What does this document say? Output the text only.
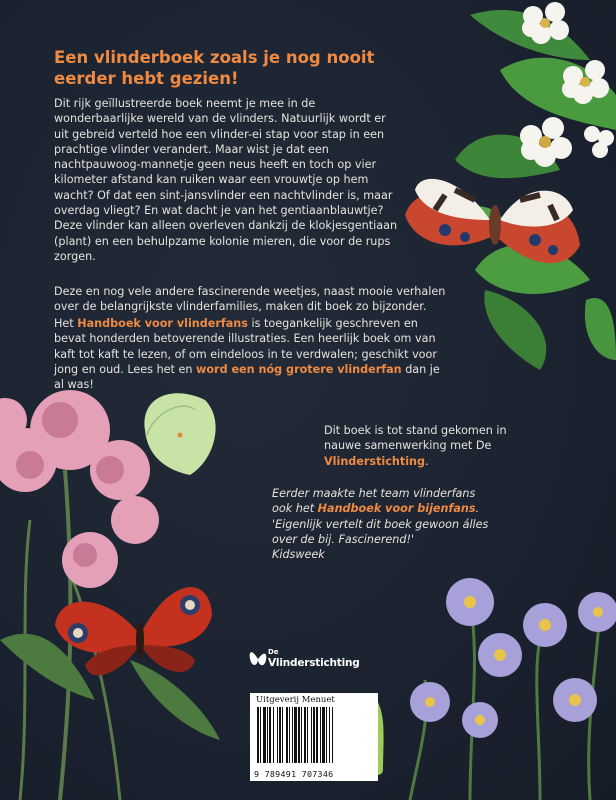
Een vlinderboek zoals je nog nooit eerder hebt gezien!

Dit rijk geïllustreerde boek neemt je mee in de wonderbaarlijke wereld van de vlinders. Natuurlijk wordt er uit gebreid verteld hoe een vlinder-ei stap voor stap in een prachtige vlinder verandert. Maar wist je dat een nachtpauwoog-mannetje geen neus heeft en toch op vier kilometer afstand kan ruiken waar een vrouwtje op hem wacht? Of dat een sint-jansvlinder een nachtvlinder is, maar overdag vliegt? En wat dacht je van het gentiaanblauwtje? Deze vlinder kan alleen overleven dankzij de klokjesgentiaan (plant) en een behulpzame kolonie mieren, die voor de rups zorgen.

Deze en nog vele andere fascinerende weetjes, naast mooie verhalen over de belangrijkste vlinderfamilies, maken dit boek zo bijzonder.

Het Handboek voor vlinderfans is toegankelijk geschreven en bevat honderden betoverende illustraties. Een heerlijk boek om van kaft tot kaft te lezen, of om eindeloos in te verdwalen; geschikt voor jong en oud. Lees het en word een nóg grotere vlinderfan dan je al was!

Dit boek is tot stand gekomen in nauwe samenwerking met De Vlinderstichting.

Eerder maakte het team vlinderfans ook het Handboek voor bijenfans. 'Eigenlijk vertelt dit boek gewoon álles over de bij. Fascinerend!'
Kidsweek

De
Vlinderstichting
Uitgeverij Menuet
9 789491 707346
